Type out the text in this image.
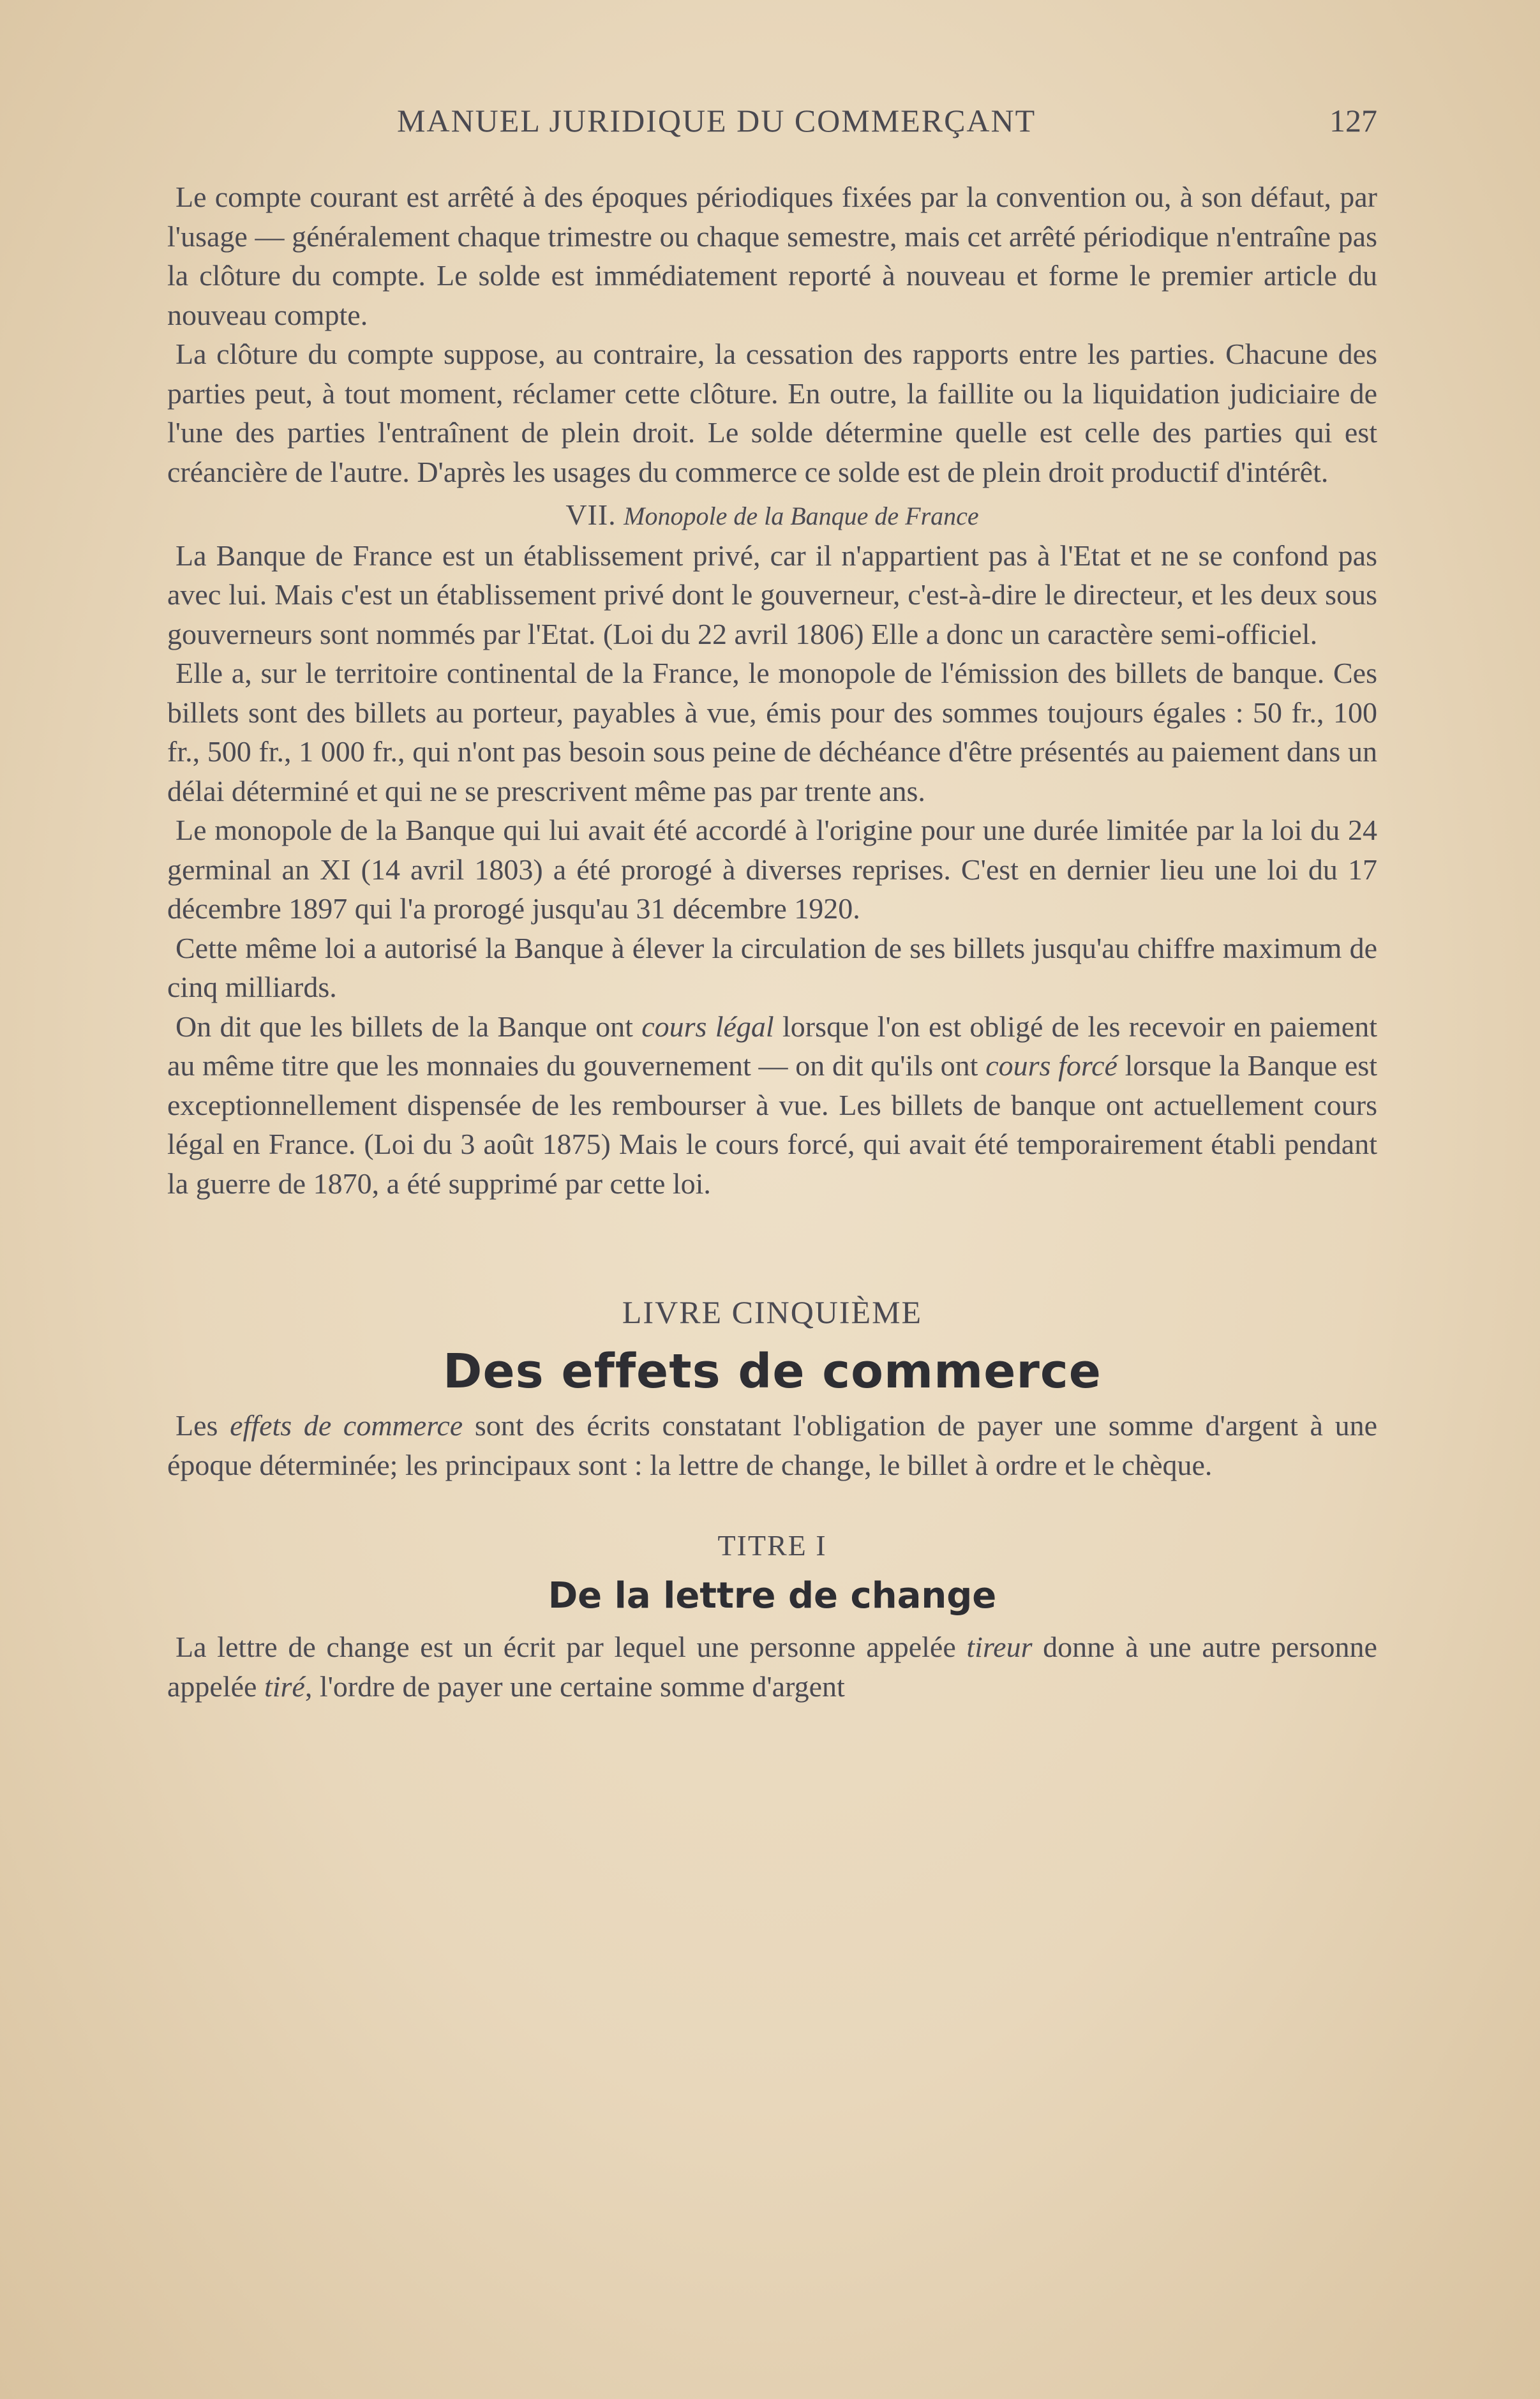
MANUEL JURIDIQUE DU COMMERÇANT	127

Le compte courant est arrêté à des époques périodiques fixées par la convention ou, à son défaut, par l'usage — généralement chaque trimestre ou chaque semestre, mais cet arrêté périodique n'entraîne pas la clôture du compte. Le solde est immédiatement reporté à nouveau et forme le premier article du nouveau compte.

La clôture du compte suppose, au contraire, la cessation des rapports entre les parties. Chacune des parties peut, à tout moment, réclamer cette clôture. En outre, la faillite ou la liquidation judiciaire de l'une des parties l'entraînent de plein droit. Le solde détermine quelle est celle des parties qui est créancière de l'autre. D'après les usages du commerce ce solde est de plein droit productif d'intérêt.

VII. Monopole de la Banque de France

La Banque de France est un établissement privé, car il n'appartient pas à l'Etat et ne se confond pas avec lui. Mais c'est un établissement privé dont le gouverneur, c'est-à-dire le directeur, et les deux sous gouverneurs sont nommés par l'Etat. (Loi du 22 avril 1806) Elle a donc un caractère semi-officiel.

Elle a, sur le territoire continental de la France, le monopole de l'émission des billets de banque. Ces billets sont des billets au porteur, payables à vue, émis pour des sommes toujours égales : 50 fr., 100 fr., 500 fr., 1 000 fr., qui n'ont pas besoin sous peine de déchéance d'être présentés au paiement dans un délai déterminé et qui ne se prescrivent même pas par trente ans.

Le monopole de la Banque qui lui avait été accordé à l'origine pour une durée limitée par la loi du 24 germinal an XI (14 avril 1803) a été prorogé à diverses reprises. C'est en dernier lieu une loi du 17 décembre 1897 qui l'a prorogé jusqu'au 31 décembre 1920.

Cette même loi a autorisé la Banque à élever la circulation de ses billets jusqu'au chiffre maximum de cinq milliards.

On dit que les billets de la Banque ont cours légal lorsque l'on est obligé de les recevoir en paiement au même titre que les monnaies du gouvernement — on dit qu'ils ont cours forcé lorsque la Banque est exceptionnellement dispensée de les rembourser à vue. Les billets de banque ont actuellement cours légal en France. (Loi du 3 août 1875) Mais le cours forcé, qui avait été temporairement établi pendant la guerre de 1870, a été supprimé par cette loi.

LIVRE CINQUIÈME
Des effets de commerce

Les effets de commerce sont des écrits constatant l'obligation de payer une somme d'argent à une époque déterminée; les principaux sont : la lettre de change, le billet à ordre et le chèque.

TITRE I
De la lettre de change

La lettre de change est un écrit par lequel une personne appelée tireur donne à une autre personne appelée tiré, l'ordre de payer une certaine somme d'argent
